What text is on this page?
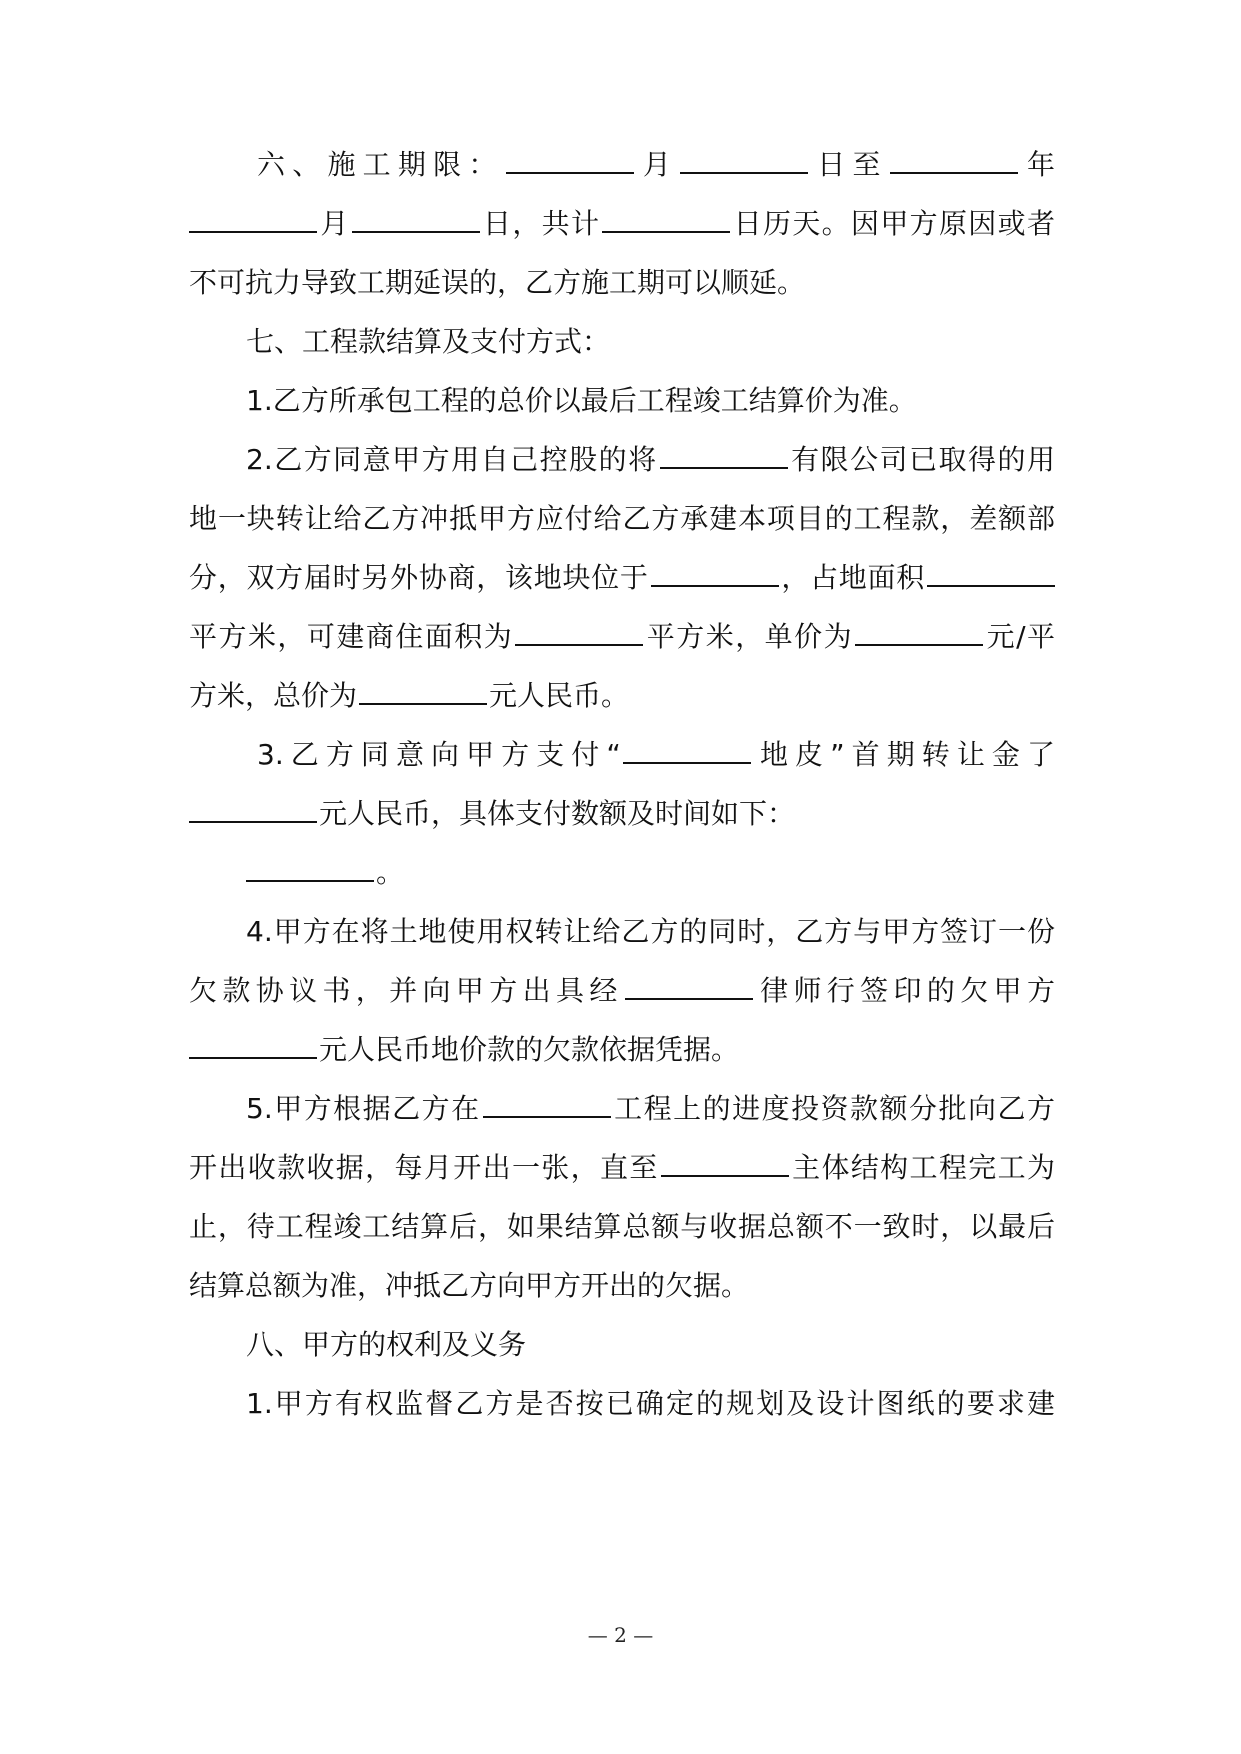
六、施工期限：	月	日至	年
月	日，共计	日历天。因甲方原因或者
不可抗力导致工期延误的，乙方施工期可以顺延。
七、工程款结算及支付方式：
1.乙方所承包工程的总价以最后工程竣工结算价为准。
2.乙方同意甲方用自己控股的将	有限公司已取得的用
地一块转让给乙方冲抵甲方应付给乙方承建本项目的工程款，差额部
分，双方届时另外协商，该地块位于	，占地面积
平方米，可建商住面积为	平方米，单价为	元/平
方米，总价为	元人民币。
3.乙方同意向甲方支付“	地皮”首期转让金了
元人民币，具体支付数额及时间如下：
。
4.甲方在将土地使用权转让给乙方的同时，乙方与甲方签订一份
欠款协议书，并向甲方出具经	律师行签印的欠甲方
元人民币地价款的欠款依据凭据。
5.甲方根据乙方在	工程上的进度投资款额分批向乙方
开出收款收据，每月开出一张，直至	主体结构工程完工为
止，待工程竣工结算后，如果结算总额与收据总额不一致时，以最后
结算总额为准，冲抵乙方向甲方开出的欠据。
八、甲方的权利及义务
1.甲方有权监督乙方是否按已确定的规划及设计图纸的要求建
— 2 —
